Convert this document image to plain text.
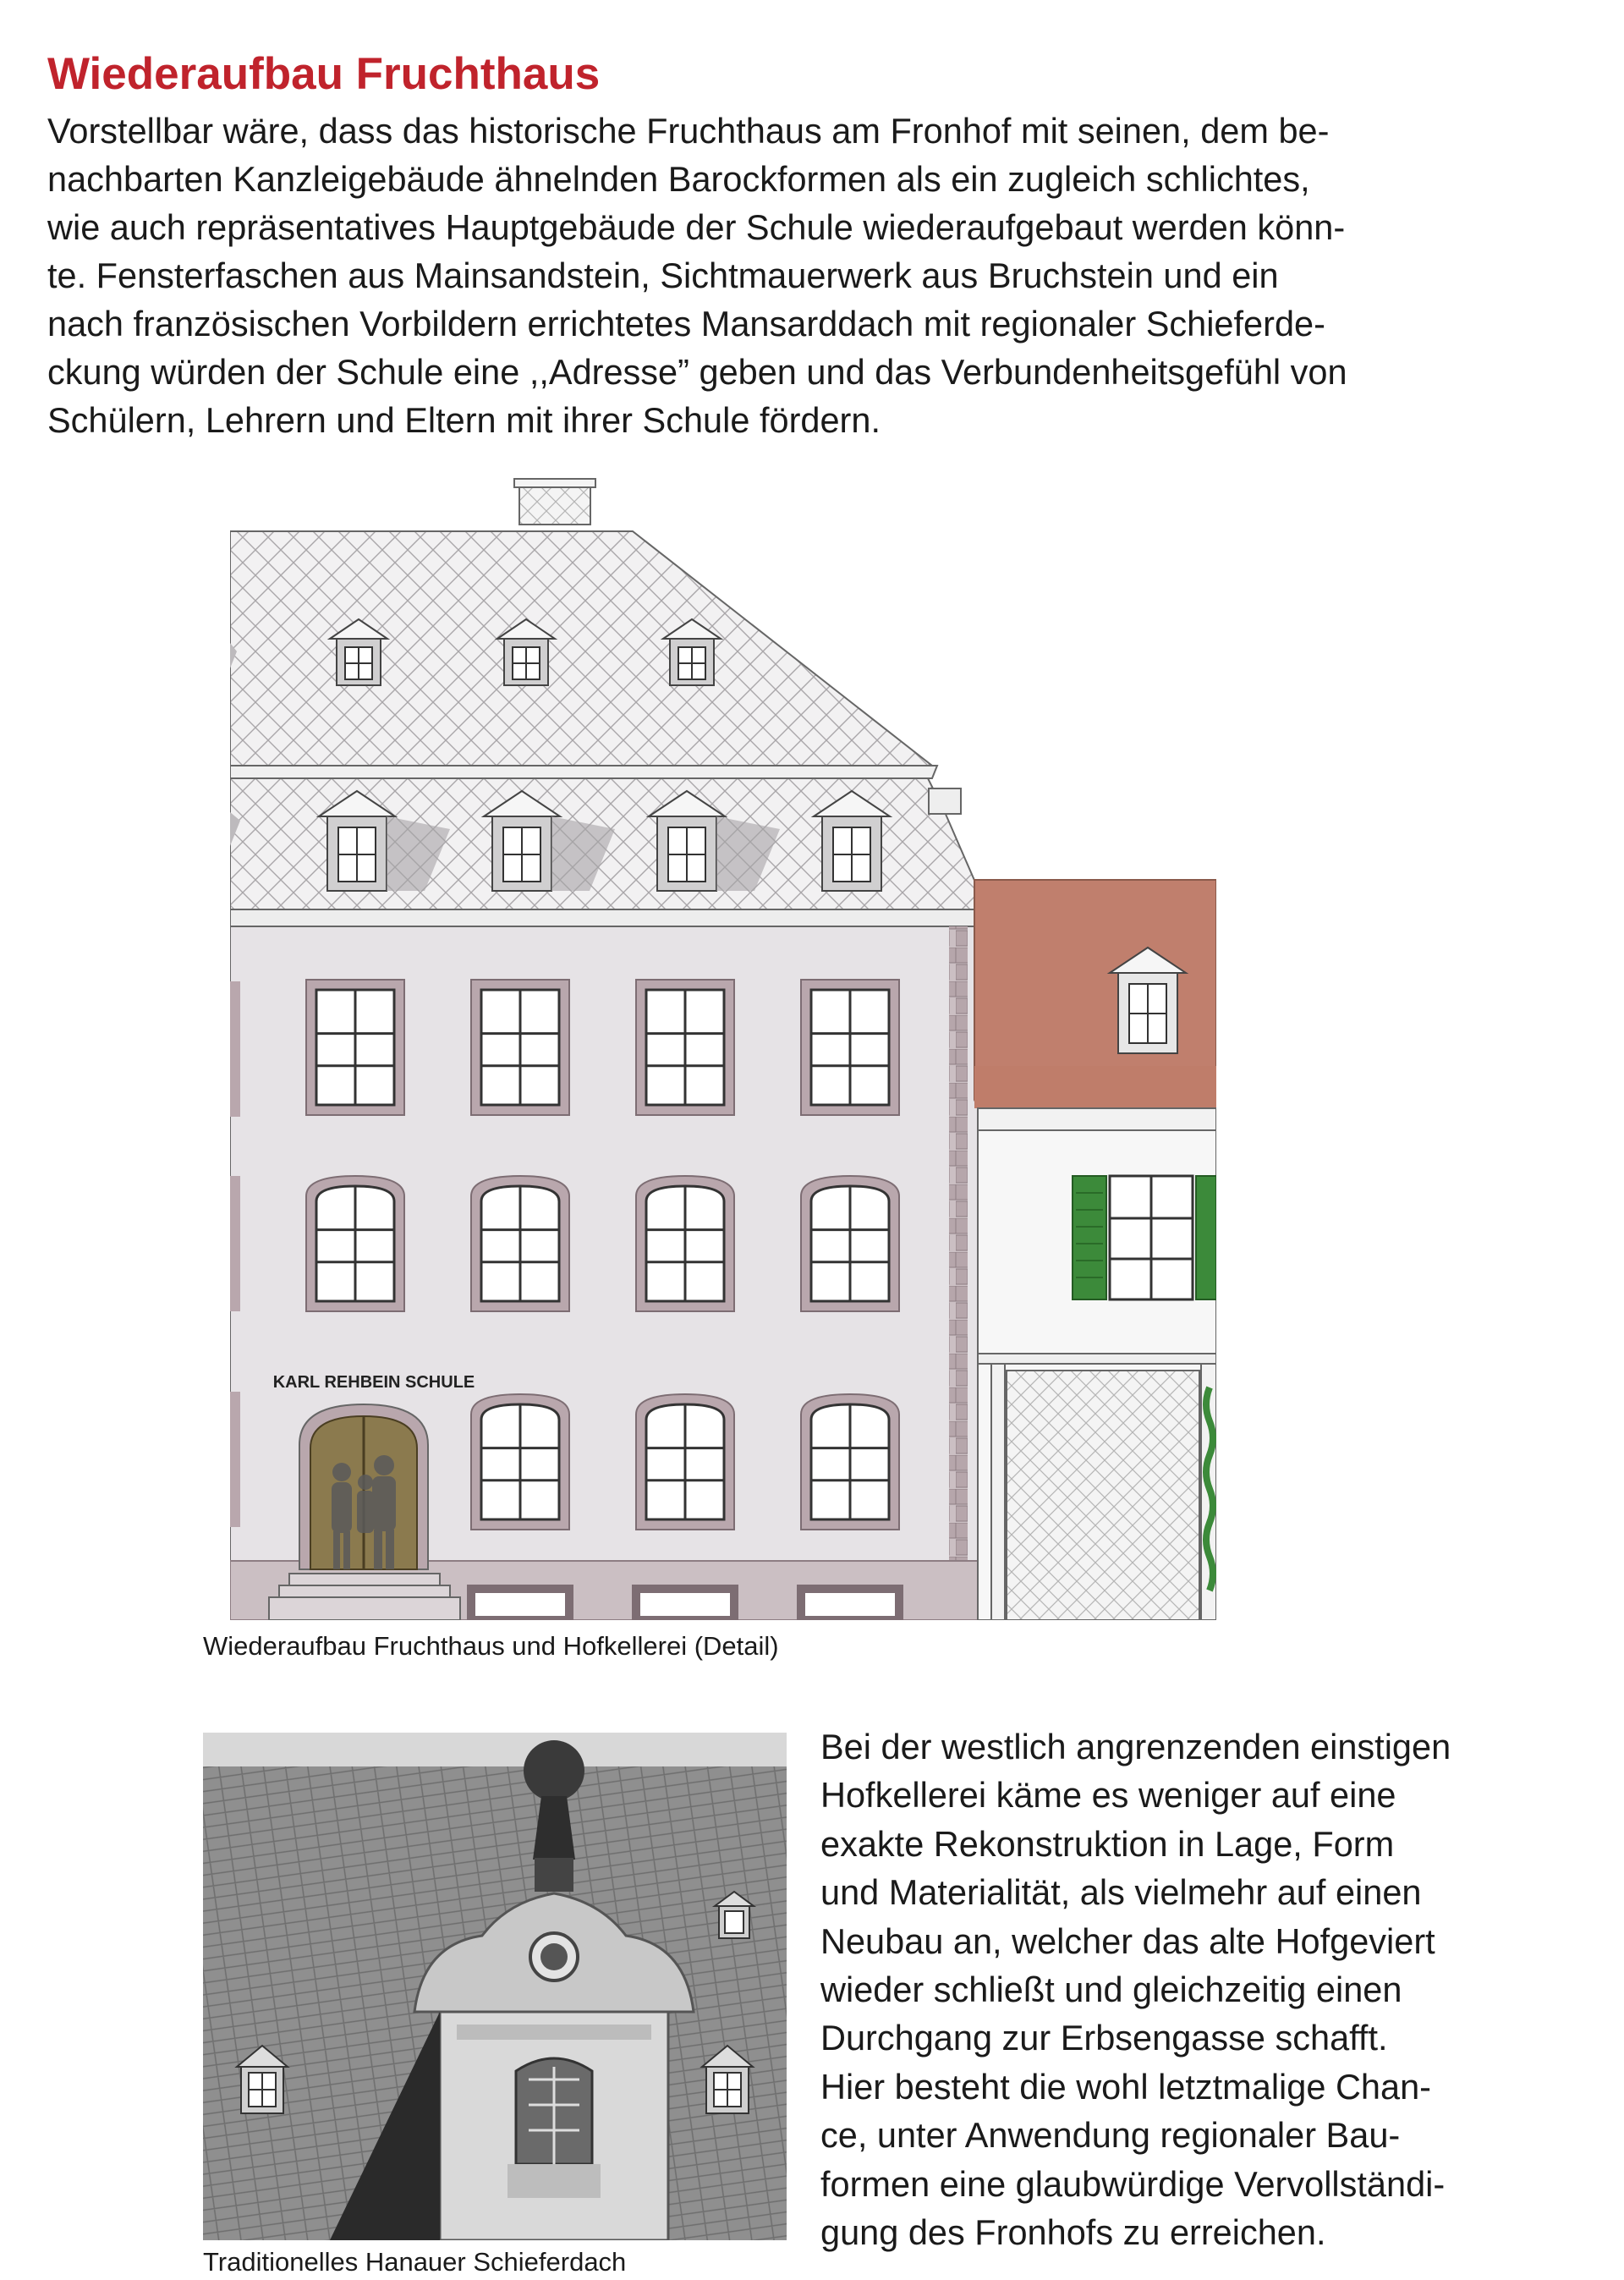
Wiederaufbau Fruchthaus
Vorstellbar wäre, dass das historische Fruchthaus am Fronhof mit seinen, dem be-
nachbarten Kanzleigebäude ähnelnden Barockformen als ein zugleich schlichtes,
wie auch repräsentatives Hauptgebäude der Schule wiederaufgebaut werden könn-
te. Fensterfaschen aus Mainsandstein, Sichtmauerwerk aus Bruchstein und ein
nach französischen Vorbildern errichtetes Mansarddach mit regionaler Schieferde-
ckung würden der Schule eine ,,Adresse” geben und das Verbundenheitsgefühl von
Schülern, Lehrern und Eltern mit ihrer Schule fördern.
KARL REHBEIN SCHULE
Wiederaufbau Fruchthaus und Hofkellerei (Detail)
Traditionelles Hanauer Schieferdach
Bei der westlich angrenzenden einstigen
Hofkellerei käme es weniger auf eine
exakte Rekonstruktion in Lage, Form
und Materialität, als vielmehr auf einen
Neubau an, welcher das alte Hofgeviert
wieder schließt und gleichzeitig einen
Durchgang zur Erbsengasse schafft.
Hier besteht die wohl letztmalige Chan-
ce, unter Anwendung regionaler Bau-
formen eine glaubwürdige Vervollständi-
gung des Fronhofs zu erreichen.
